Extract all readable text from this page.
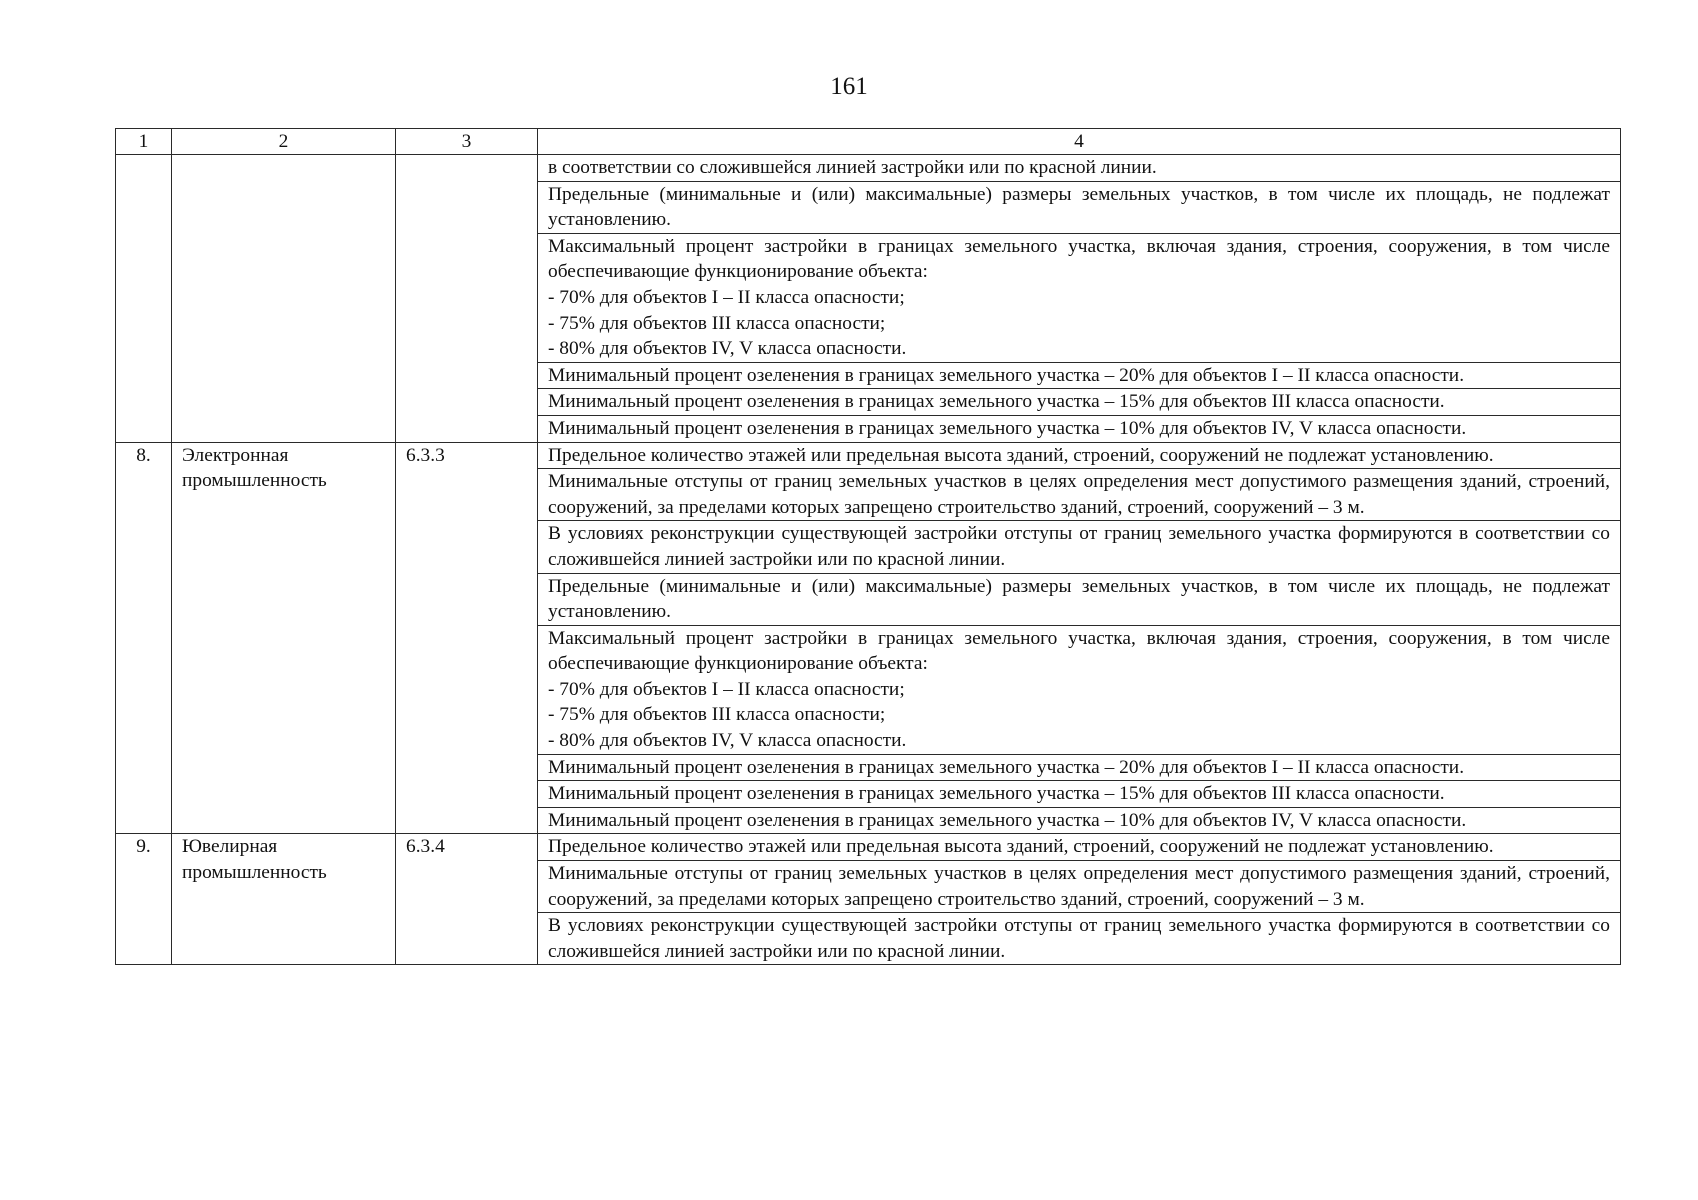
161
1	2	3	4

			в соответствии со сложившейся линией застройки или по красной линии.

			Предельные (минимальные и (или) максимальные) размеры земельных участков, в том числе их площадь, не подлежат установлению.

			Максимальный процент застройки в границах земельного участка, включая здания, строения, сооружения, в том числе обеспечивающие функционирование объекта:
- 70% для объектов I – II класса опасности;
- 75% для объектов III класса опасности;
- 80% для объектов IV, V класса опасности.

			Минимальный процент озеленения в границах земельного участка – 20% для объектов I – II класса опасности.

			Минимальный процент озеленения в границах земельного участка – 15% для объектов III класса опасности.

			Минимальный процент озеленения в границах земельного участка – 10% для объектов IV, V класса опасности.

8.	Электронная промышленность	6.3.3	Предельное количество этажей или предельная высота зданий, строений, сооружений не подлежат установлению.

			Минимальные отступы от границ земельных участков в целях определения мест допустимого размещения зданий, строений, сооружений, за пределами которых запрещено строительство зданий, строений, сооружений – 3 м.

			В условиях реконструкции существующей застройки отступы от границ земельного участка формируются в соответствии со сложившейся линией застройки или по красной линии.

			Предельные (минимальные и (или) максимальные) размеры земельных участков, в том числе их площадь, не подлежат установлению.

			Максимальный процент застройки в границах земельного участка, включая здания, строения, сооружения, в том числе обеспечивающие функционирование объекта:
- 70% для объектов I – II класса опасности;
- 75% для объектов III класса опасности;
- 80% для объектов IV, V класса опасности.

			Минимальный процент озеленения в границах земельного участка – 20% для объектов I – II класса опасности.

			Минимальный процент озеленения в границах земельного участка – 15% для объектов III класса опасности.

			Минимальный процент озеленения в границах земельного участка – 10% для объектов IV, V класса опасности.

9.	Ювелирная промышленность	6.3.4	Предельное количество этажей или предельная высота зданий, строений, сооружений не подлежат установлению.

			Минимальные отступы от границ земельных участков в целях определения мест допустимого размещения зданий, строений, сооружений, за пределами которых запрещено строительство зданий, строений, сооружений – 3 м.

			В условиях реконструкции существующей застройки отступы от границ земельного участка формируются в соответствии со сложившейся линией застройки или по красной линии.
